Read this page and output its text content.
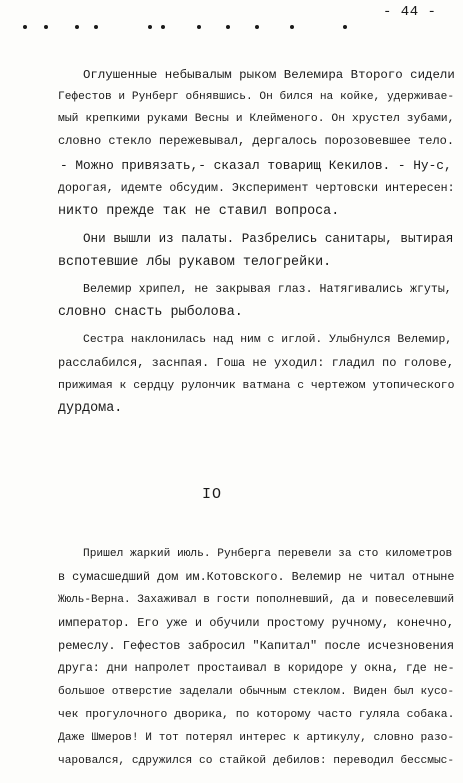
- 44 -
Оглушенные небывалым рыком Велемира Второго сидели
Гефестов и Рунберг обнявшись. Он бился на койке, удерживае-
мый крепкими руками Весны и Клейменого. Он хрустел зубами,
словно стекло пережевывал, дергалось порозовевшее тело.
- Можно привязать,- сказал товарищ Кекилов. - Ну-с,
дорогая, идемте обсудим. Эксперимент чертовски интересен:
никто прежде так не ставил вопроса.
Они вышли из палаты. Разбрелись санитары, вытирая
вспотевшие лбы рукавом телогрейки.
Велемир хрипел, не закрывая глаз. Натягивались жгуты,
словно снасть рыболова.
Сестра наклонилась над ним с иглой. Улыбнулся Велемир,
расслабился, заснпая. Гоша не уходил: гладил по голове,
прижимая к сердцу рулончик ватмана с чертежом утопического
дурдома.
IO
Пришел жаркий июль. Рунберга перевели за сто километров
в сумасшедший дом им.Котовского. Велемир не читал отныне
Жюль-Верна. Захаживал в гости пополневший, да и повеселевший
император. Его уже и обучили простому ручному, конечно,
ремеслу. Гефестов забросил "Капитал" после исчезновения
друга: дни напролет простаивал в коридоре у окна, где не-
большое отверстие заделали обычным стеклом. Виден был кусо-
чек прогулочного дворика, по которому часто гуляла собака.
Даже Шмеров! И тот потерял интерес к артикулу, словно разо-
чаровался, сдружился со стайкой дебилов: переводил бессмыс-
